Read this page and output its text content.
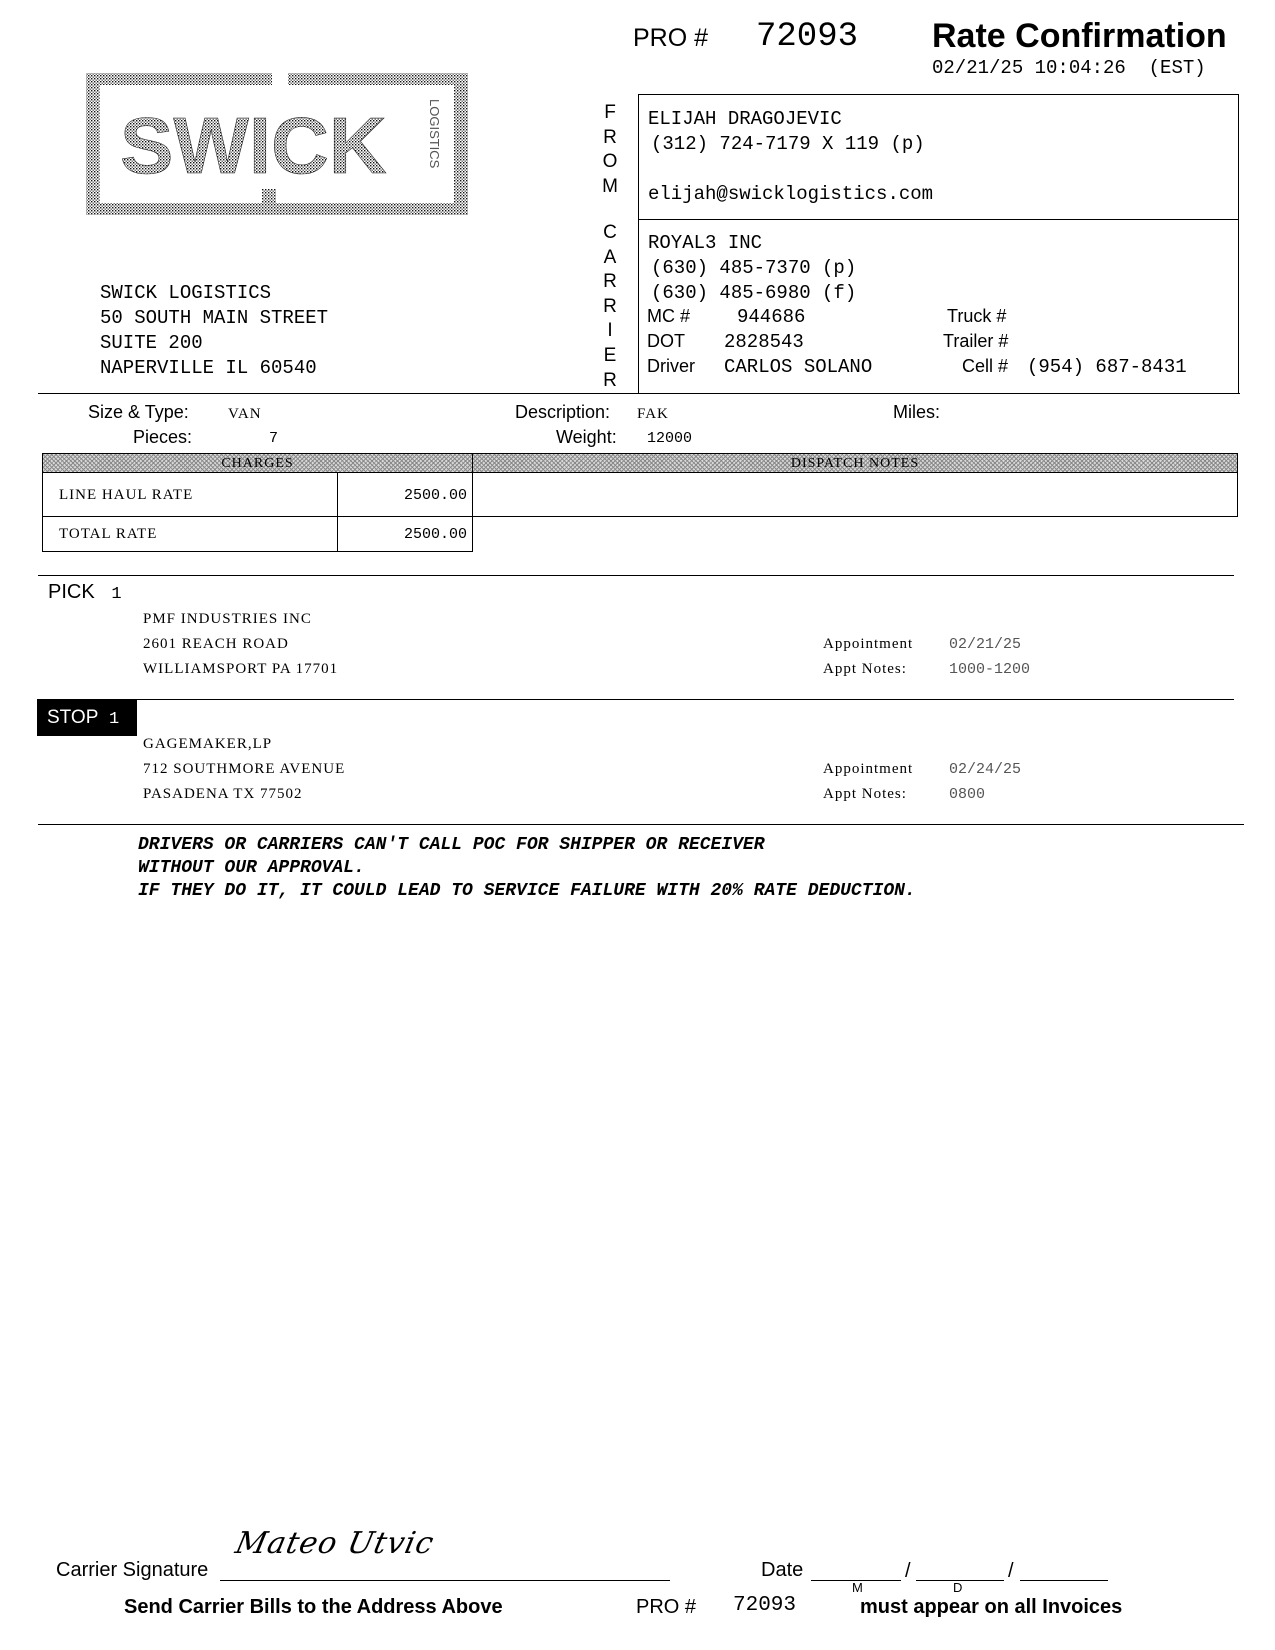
PRO # 72093 Rate Confirmation
02/21/25 10:04:26 (EST)
SWICK	LOGISTICS
SWICK LOGISTICS
50 SOUTH MAIN STREET
SUITE 200
NAPERVILLE IL 60540
F
R
O
M
C
A
R
R
I
E
R
ELIJAH DRAGOJEVIC
(312) 724-7179 X 119 (p)
elijah@swicklogistics.com
ROYAL3 INC
(630) 485-7370 (p)
(630) 485-6980 (f)
MC # 944686	Truck #
DOT 2828543	Trailer #
Driver CARLOS SOLANO	Cell # (954) 687-8431
Size & Type:	VAN
Pieces:	7
Description: FAK
Weight: 12000
Miles:
CHARGES	DISPATCH NOTES
LINE HAUL RATE	2500.00
TOTAL RATE	2500.00
PICK 1
PMF INDUSTRIES INC
2601 REACH ROAD
WILLIAMSPORT PA 17701
Appointment 02/21/25
Appt Notes:	1000-1200
STOP 1
GAGEMAKER,LP
712 SOUTHMORE AVENUE
PASADENA TX 77502
Appointment 02/24/25
Appt Notes:	0800
DRIVERS OR CARRIERS CAN'T CALL POC FOR SHIPPER OR RECEIVER
WITHOUT OUR APPROVAL.
IF THEY DO IT, IT COULD LEAD TO SERVICE FAILURE WITH 20% RATE DEDUCTION.
Mateo Utvic
Carrier Signature	Date	/	/
M	D
Send Carrier Bills to the Address Above	PRO # 72093	must appear on all Invoices
